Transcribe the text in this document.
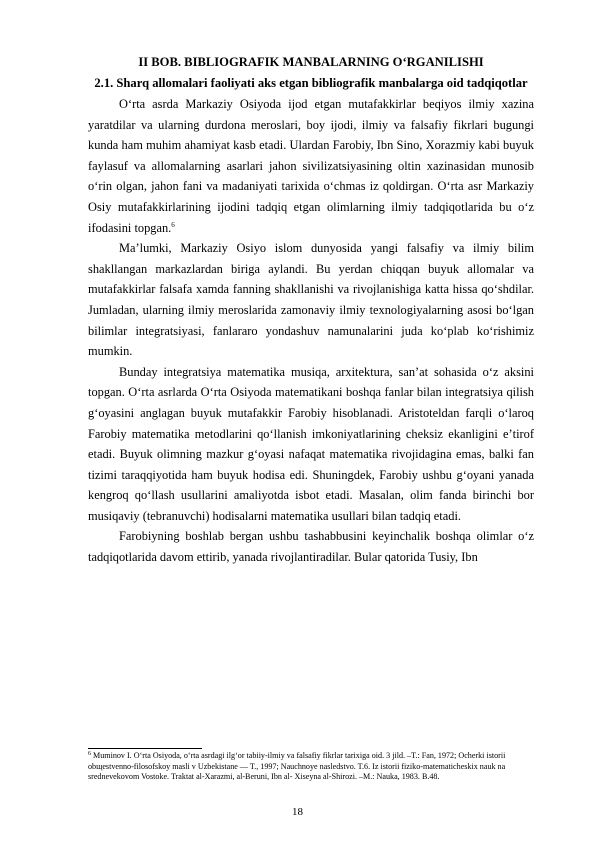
II BOB. BIBLIOGRAFIK MANBALARNING OʻRGANILISHI

2.1. Sharq allomalari faoliyati aks etgan bibliografik manbalarga oid tadqiqotlar

Oʻrta asrda Markaziy Osiyoda ijod etgan mutafakkirlar beqiyos ilmiy xazina yaratdilar va ularning durdona meroslari, boy ijodi, ilmiy va falsafiy fikrlari bugungi kunda ham muhim ahamiyat kasb etadi. Ulardan Farobiy, Ibn Sino, Xorazmiy kabi buyuk faylasuf va allomalarning asarlari jahon sivilizatsiyasining oltin xazinasidan munosib oʻrin olgan, jahon fani va madaniyati tarixida oʻchmas iz qoldirgan. Oʻrta asr Markaziy Osiy mutafakkirlarining ijodini tadqiq etgan olimlarning ilmiy tadqiqotlarida bu oʻz ifodasini topgan.$^6$

Maʼlumki, Markaziy Osiyo islom dunyosida yangi falsafiy va ilmiy bilim shakllangan markazlardan biriga aylandi. Bu yerdan chiqqan buyuk allomalar va mutafakkirlar falsafa xamda fanning shakllanishi va rivojlanishiga katta hissa qoʻshdilar. Jumladan, ularning ilmiy meroslarida zamonaviy ilmiy texnologiyalarning asosi boʻlgan bilimlar integratsiyasi, fanlararo yondashuv namunalarini juda koʻplab koʻrishimiz mumkin.

Bunday integratsiya matematika musiqa, arxitektura, sanʼat sohasida oʻz aksini topgan. Oʻrta asrlarda Oʻrta Osiyoda matematikani boshqa fanlar bilan integratsiya qilish gʻoyasini anglagan buyuk mutafakkir Farobiy hisoblanadi. Aristoteldan farqli oʻlaroq Farobiy matematika metodlarini qoʻllanish imkoniyatlarining cheksiz ekanligini eʼtirof etadi. Buyuk olimning mazkur gʻoyasi nafaqat matematika rivojidagina emas, balki fan tizimi taraqqiyotida ham buyuk hodisa edi. Shuningdek, Farobiy ushbu gʻoyani yanada kengroq qoʻllash usullarini amaliyotda isbot etadi. Masalan, olim fanda birinchi bor musiqaviy (tebranuvchi) hodisalarni matematika usullari bilan tadqiq etadi.

Farobiyning boshlab bergan ushbu tashabbusini keyinchalik boshqa olimlar oʻz tadqiqotlarida davom ettirib, yanada rivojlantiradilar. Bular qatorida Tusiy, Ibn

$^6$ Muminov I. Oʻrta Osiyoda, oʻrta asrdagi ilgʻor tabiiy-ilmiy va falsafiy fikrlar tarixiga oid. 3 jild. –T.: Fan, 1972; Ocherki istorii obщestvenno-filosofskoy masli v Uzbekistane — T., 1997; Nauchnoye nasledstvo. T.6. Iz istorii fiziko-matematicheskix nauk na srednevekovom Vostoke. Traktat al-Xarazmi, al-Beruni, Ibn al- Xiseyna al-Shirozi. –M.: Nauka, 1983. B.48.

18
